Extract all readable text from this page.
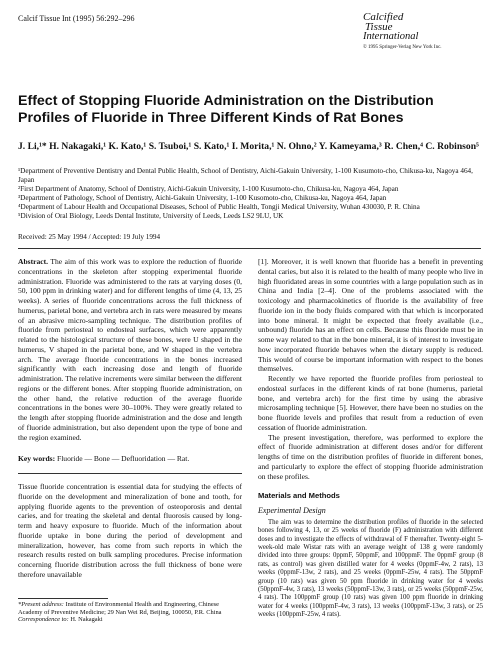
Calcif Tissue Int (1995) 56:292–296	Calcified
Tissue
International
© 1995 Springer-Verlag New York Inc.
Effect of Stopping Fluoride Administration on the Distribution Profiles of Fluoride in Three Different Kinds of Rat Bones
J. Li,¹* H. Nakagaki,¹ K. Kato,¹ S. Tsuboi,¹ S. Kato,¹ I. Morita,¹ N. Ohno,² Y. Kameyama,³ R. Chen,⁴ C. Robinson⁵
¹Department of Preventive Dentistry and Dental Public Health, School of Dentistry, Aichi-Gakuin University, 1-100 Kusumoto-cho, Chikusa-ku, Nagoya 464, Japan
²First Department of Anatomy, School of Dentistry, Aichi-Gakuin University, 1-100 Kusumoto-cho, Chikusa-ku, Nagoya 464, Japan
³Department of Pathology, School of Dentistry, Aichi-Gakuin University, 1-100 Kusomoto-cho, Chikusa-ku, Nagoya 464, Japan
⁴Department of Labour Health and Occupational Diseases, School of Public Health, Tongji Medical University, Wuhan 430030, P. R. China
⁵Division of Oral Biology, Leeds Dental Institute, University of Leeds, Leeds LS2 9LU, UK
Received: 25 May 1994 / Accepted: 19 July 1994

Abstract. The aim of this work was to explore the reduction of fluoride concentrations in the skeleton after stopping experimental fluoride administration. Fluoride was administered to the rats at varying doses (0, 50, 100 ppm in drinking water) and for different lengths of time (4, 13, 25 weeks). A series of fluoride concentrations across the full thickness of humerus, parietal bone, and vertebra arch in rats were measured by means of an abrasive micro-sampling technique. The distribution profiles of fluoride from periosteal to endosteal surfaces, which were apparently related to the histological structure of these bones, were U shaped in the humerus, V shaped in the parietal bone, and W shaped in the vertebra arch. The average fluoride concentrations in the bones increased significantly with each increasing dose and length of fluoride administration. The relative increments were similar between the different regions or the different bones. After stopping fluoride administration, on the other hand, the relative reduction of the average fluoride concentrations in the bones were 30–100%. They were greatly related to the length after stopping fluoride administration and the dose and length of fluoride administration, but also dependent upon the type of bone and the region examined.

Key words: Fluoride — Bone — Defluoridation — Rat.

Tissue fluoride concentration is essential data for studying the effects of fluoride on the development and mineralization of bone and tooth, for applying fluoride agents to the prevention of osteoporosis and dental caries, and for treating the skeletal and dental fluorosis caused by long-term and heavy exposure to fluoride. Much of the information about fluoride uptake in bone during the period of development and mineralization, however, has come from such reports in which the research results rested on bulk sampling procedures. Precise information concerning fluoride distribution across the full thickness of bone were therefore unavailable

*Present address: Institute of Environmental Health and Engineering, Chinese Academy of Preventive Medicine; 29 Nan Wei Rd, Beijing, 100050, P.R. China
Correspondence to: H. Nakagaki

[1]. Moreover, it is well known that fluoride has a benefit in preventing dental caries, but also it is related to the health of many people who live in high fluoridated areas in some countries with a large population such as in China and India [2–4]. One of the problems associated with the toxicology and pharmacokinetics of fluoride is the availability of free fluoride ion in the body fluids compared with that which is incorporated into bone mineral. It might be expected that freely available (i.e., unbound) fluoride has an effect on cells. Because this fluoride must be in some way related to that in the bone mineral, it is of interest to investigate how incorporated fluoride behaves when the dietary supply is reduced. This would of course be important information with respect to the bones themselves.

Recently we have reported the fluoride profiles from periosteal to endosteal surfaces in the different kinds of rat bone (humerus, parietal bone, and vertebra arch) for the first time by using the abrasive microsampling technique [5]. However, there have been no studies on the bone fluoride levels and profiles that result from a reduction of even cessation of fluoride administration.

The present investigation, therefore, was performed to explore the effect of fluoride administration at different doses and/or for different lengths of time on the distribution profiles of fluoride in different bones, and particularly to explore the effect of stopping fluoride administration on these profiles.

Materials and Methods

Experimental Design

The aim was to determine the distribution profiles of fluoride in the selected bones following 4, 13, or 25 weeks of fluoride (F) administration with different doses and to investigate the effects of withdrawal of F thereafter. Twenty-eight 5-week-old male Wistar rats with an average weight of 138 g were randomly divided into three groups: 0ppmF, 50ppmF, and 100ppmF. The 0ppmF group (8 rats, as control) was given distilled water for 4 weeks (0ppmF-4w, 2 rats), 13 weeks (0ppmF-13w, 2 rats), and 25 weeks (0ppmF-25w, 4 rats). The 50ppmF group (10 rats) was given 50 ppm fluoride in drinking water for 4 weeks (50ppmF-4w, 3 rats), 13 weeks (50ppmF-13w, 3 rats), or 25 weeks (50ppmF-25w, 4 rats). The 100ppmF group (10 rats) was given 100 ppm fluoride in drinking water for 4 weeks (100ppmF-4w, 3 rats), 13 weeks (100ppmF-13w, 3 rats), or 25 weeks (100ppmF-25w, 4 rats).
